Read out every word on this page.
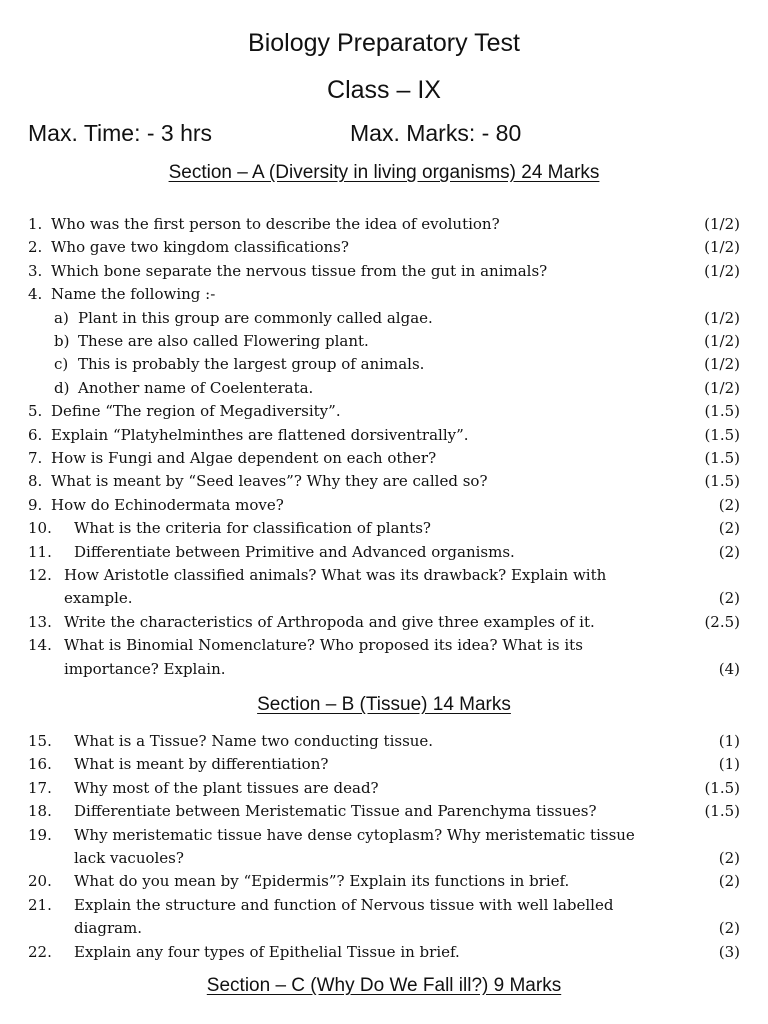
Biology Preparatory Test
Class – IX
Max. Time: - 3 hrs	Max. Marks: - 80
Section – A (Diversity in living organisms) 24 Marks
1. Who was the first person to describe the idea of evolution?	(1/2)
2. Who gave two kingdom classifications?	(1/2)
3. Which bone separate the nervous tissue from the gut in animals?	(1/2)
4. Name the following :-
a) Plant in this group are commonly called algae.	(1/2)
b) These are also called Flowering plant.	(1/2)
c) This is probably the largest group of animals.	(1/2)
d) Another name of Coelenterata.	(1/2)
5. Define “The region of Megadiversity”.	(1.5)
6. Explain “Platyhelminthes are flattened dorsiventrally”.	(1.5)
7. How is Fungi and Algae dependent on each other?	(1.5)
8. What is meant by “Seed leaves”? Why they are called so?	(1.5)
9. How do Echinodermata move?	(2)
10. What is the criteria for classification of plants?	(2)
11. Differentiate between Primitive and Advanced organisms.	(2)
12. How Aristotle classified animals? What was its drawback? Explain with
example.	(2)
13. Write the characteristics of Arthropoda and give three examples of it.	(2.5)
14. What is Binomial Nomenclature? Who proposed its idea? What is its
importance? Explain.	(4)
Section – B (Tissue) 14 Marks
15. What is a Tissue? Name two conducting tissue.	(1)
16. What is meant by differentiation?	(1)
17. Why most of the plant tissues are dead?	(1.5)
18. Differentiate between Meristematic Tissue and Parenchyma tissues?	(1.5)
19. Why meristematic tissue have dense cytoplasm? Why meristematic tissue
lack vacuoles?	(2)
20. What do you mean by “Epidermis”? Explain its functions in brief.	(2)
21. Explain the structure and function of Nervous tissue with well labelled
diagram.	(2)
22. Explain any four types of Epithelial Tissue in brief.	(3)
Section – C (Why Do We Fall ill?) 9 Marks
